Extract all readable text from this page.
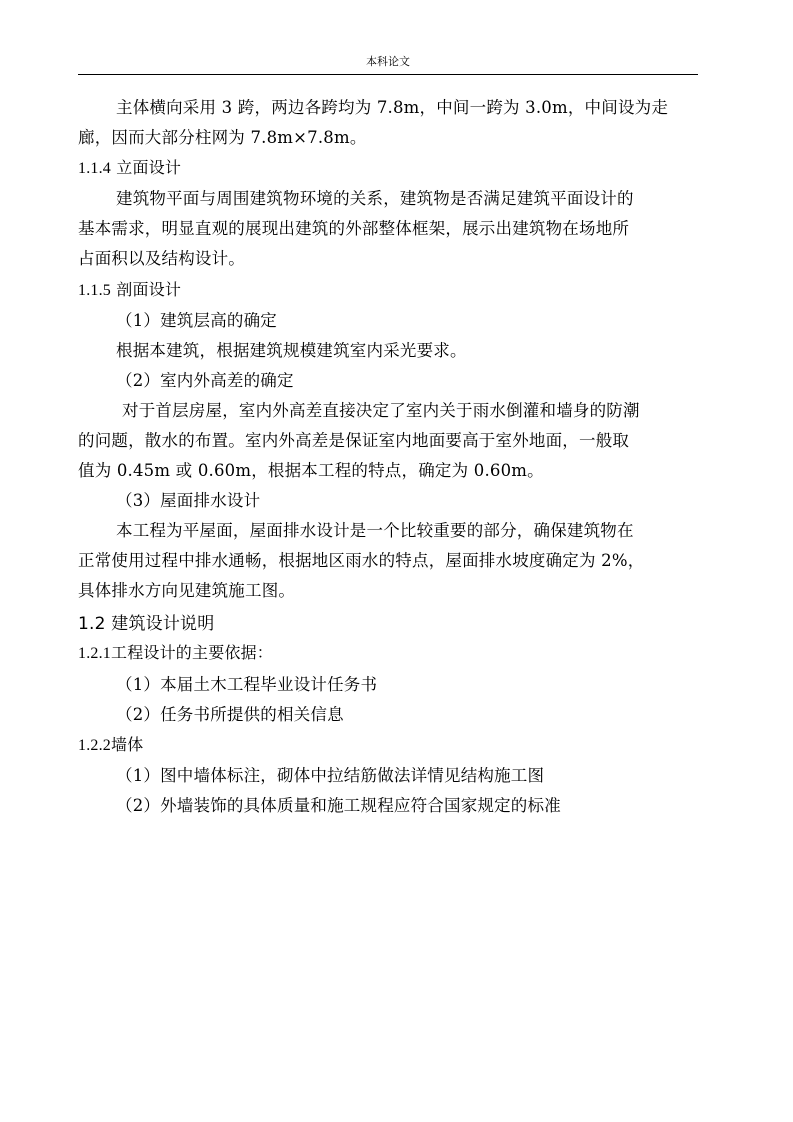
本科论文
主体横向采用 3 跨，两边各跨均为 7.8m，中间一跨为 3.0m，中间设为走
廊，因而大部分柱网为 7.8m×7.8m。
1.1.4 立面设计
建筑物平面与周围建筑物环境的关系，建筑物是否满足建筑平面设计的
基本需求，明显直观的展现出建筑的外部整体框架，展示出建筑物在场地所
占面积以及结构设计。
1.1.5 剖面设计
（1）建筑层高的确定
根据本建筑，根据建筑规模建筑室内采光要求。
（2）室内外高差的确定
对于首层房屋，室内外高差直接决定了室内关于雨水倒灌和墙身的防潮
的问题，散水的布置。室内外高差是保证室内地面要高于室外地面，一般取
值为 0.45m 或 0.60m，根据本工程的特点，确定为 0.60m。
（3）屋面排水设计
本工程为平屋面，屋面排水设计是一个比较重要的部分，确保建筑物在
正常使用过程中排水通畅，根据地区雨水的特点，屋面排水坡度确定为 2%，
具体排水方向见建筑施工图。
1.2 建筑设计说明
1.2.1工程设计的主要依据：
（1）本届土木工程毕业设计任务书
（2）任务书所提供的相关信息
1.2.2墙体
（1）图中墙体标注，砌体中拉结筋做法详情见结构施工图
（2）外墙装饰的具体质量和施工规程应符合国家规定的标准
